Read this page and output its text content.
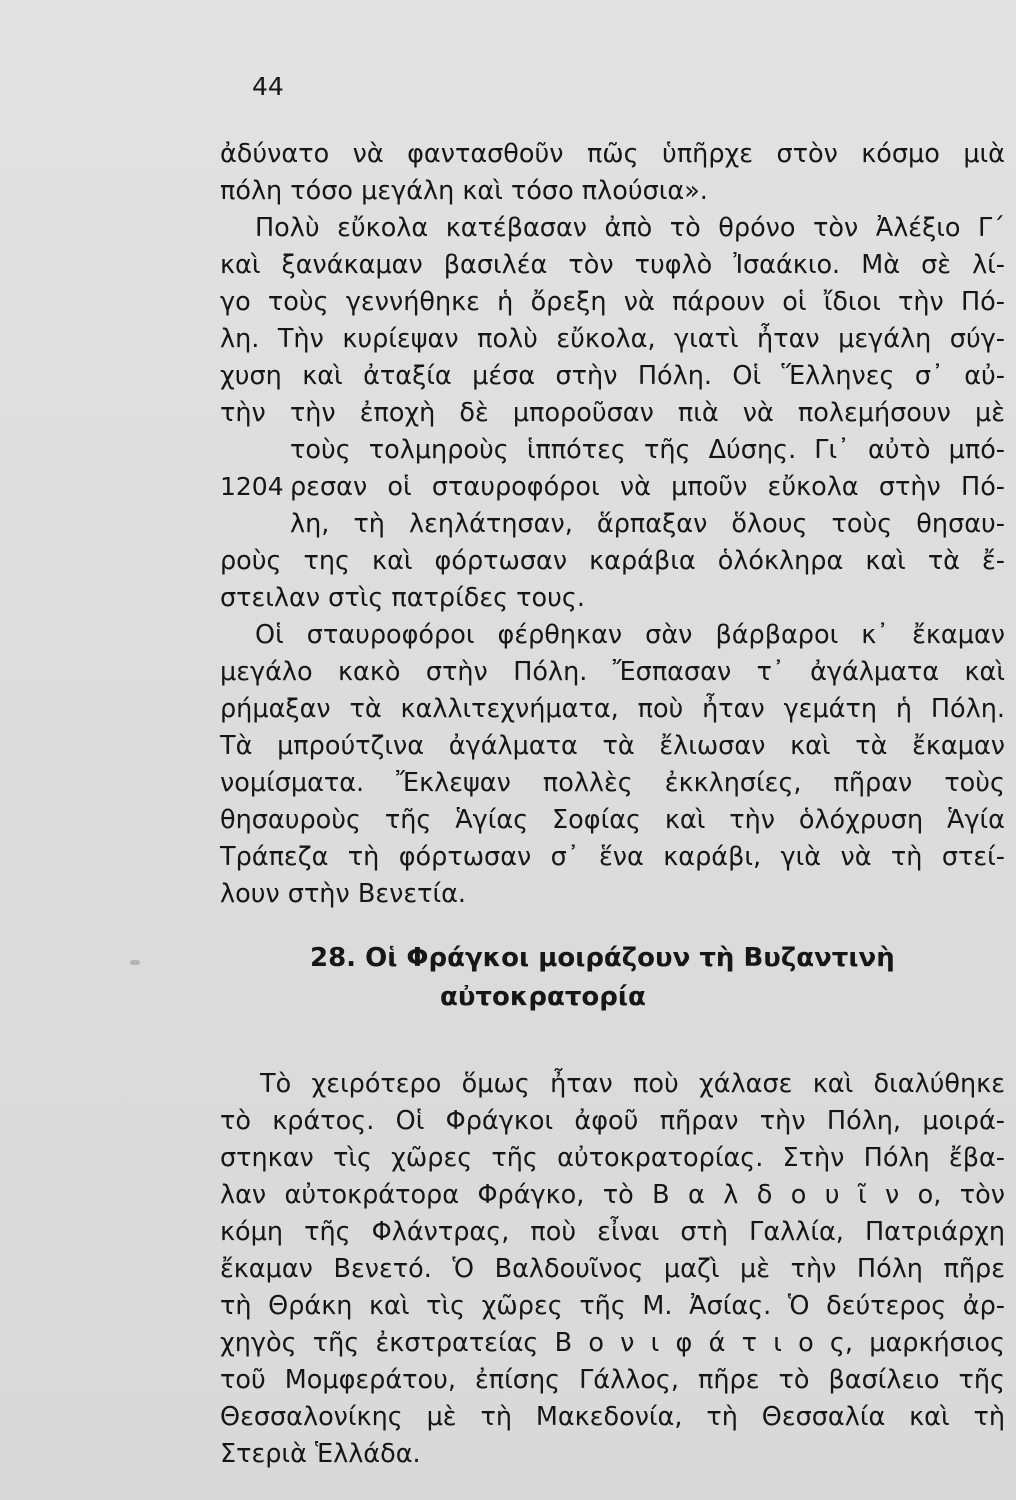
44
ἀδύνατο νὰ φαντασθοῦν πῶς ὑπῆρχε στὸν κόσμο μιὰ
πόλη τόσο μεγάλη καὶ τόσο πλούσια».
Πολὺ εὔκολα κατέβασαν ἀπὸ τὸ θρόνο τὸν Ἀλέξιο Γ΄
καὶ ξανάκαμαν βασιλέα τὸν τυφλὸ Ἰσαάκιο. Μὰ σὲ λί-
γο τοὺς γεννήθηκε ἡ ὄρεξη νὰ πάρουν οἱ ἴδιοι τὴν Πό-
λη. Τὴν κυρίεψαν πολὺ εὔκολα, γιατὶ ἦταν μεγάλη σύγ-
χυση καὶ ἀταξία μέσα στὴν Πόλη. Οἱ Ἕλληνες σ᾿ αὐ-
τὴν τὴν ἐποχὴ δὲ μποροῦσαν πιὰ νὰ πολεμήσουν μὲ
τοὺς τολμηροὺς ἱππότες τῆς Δύσης. Γι᾿ αὐτὸ μπό-
1204 ρεσαν οἱ σταυροφόροι νὰ μποῦν εὔκολα στὴν Πό-
λη, τὴ λεηλάτησαν, ἅρπαξαν ὅλους τοὺς θησαυ-
ροὺς της καὶ φόρτωσαν καράβια ὁλόκληρα καὶ τὰ ἔ-
στειλαν στὶς πατρίδες τους.
Οἱ σταυροφόροι φέρθηκαν σὰν βάρβαροι κ᾿ ἔκαμαν
μεγάλο κακὸ στὴν Πόλη. Ἔσπασαν τ᾿ ἀγάλματα καὶ
ρήμαξαν τὰ καλλιτεχνήματα, ποὺ ἦταν γεμάτη ἡ Πόλη.
Τὰ μπρούτζινα ἀγάλματα τὰ ἔλιωσαν καὶ τὰ ἔκαμαν
νομίσματα. Ἔκλεψαν πολλὲς ἐκκλησίες, πῆραν τοὺς
θησαυροὺς τῆς Ἁγίας Σοφίας καὶ τὴν ὁλόχρυση Ἁγία
Τράπεζα τὴ φόρτωσαν σ᾿ ἕνα καράβι, γιὰ νὰ τὴ στεί-
λουν στὴν Βενετία.
28. Οἱ Φράγκοι μοιράζουν τὴ Βυζαντινὴ
αὐτοκρατορία
Τὸ χειρότερο ὅμως ἦταν ποὺ χάλασε καὶ διαλύθηκε
τὸ κράτος. Οἱ Φράγκοι ἀφοῦ πῆραν τὴν Πόλη, μοιρά-
στηκαν τὶς χῶρες τῆς αὐτοκρατορίας. Στὴν Πόλη ἔβα-
λαν αὐτοκράτορα Φράγκο, τὸ Β α λ δ ο υ ῖ ν ο, τὸν
κόμη τῆς Φλάντρας, ποὺ εἶναι στὴ Γαλλία, Πατριάρχη
ἔκαμαν Βενετό. Ὁ Βαλδουῖνος μαζὶ μὲ τὴν Πόλη πῆρε
τὴ Θράκη καὶ τὶς χῶρες τῆς Μ. Ἀσίας. Ὁ δεύτερος ἀρ-
χηγὸς τῆς ἐκστρατείας Β ο ν ι φ ά τ ι ο ς, μαρκήσιος
τοῦ Μομφεράτου, ἐπίσης Γάλλος, πῆρε τὸ βασίλειο τῆς
Θεσσαλονίκης μὲ τὴ Μακεδονία, τὴ Θεσσαλία καὶ τὴ
Στεριὰ Ἑλλάδα.
